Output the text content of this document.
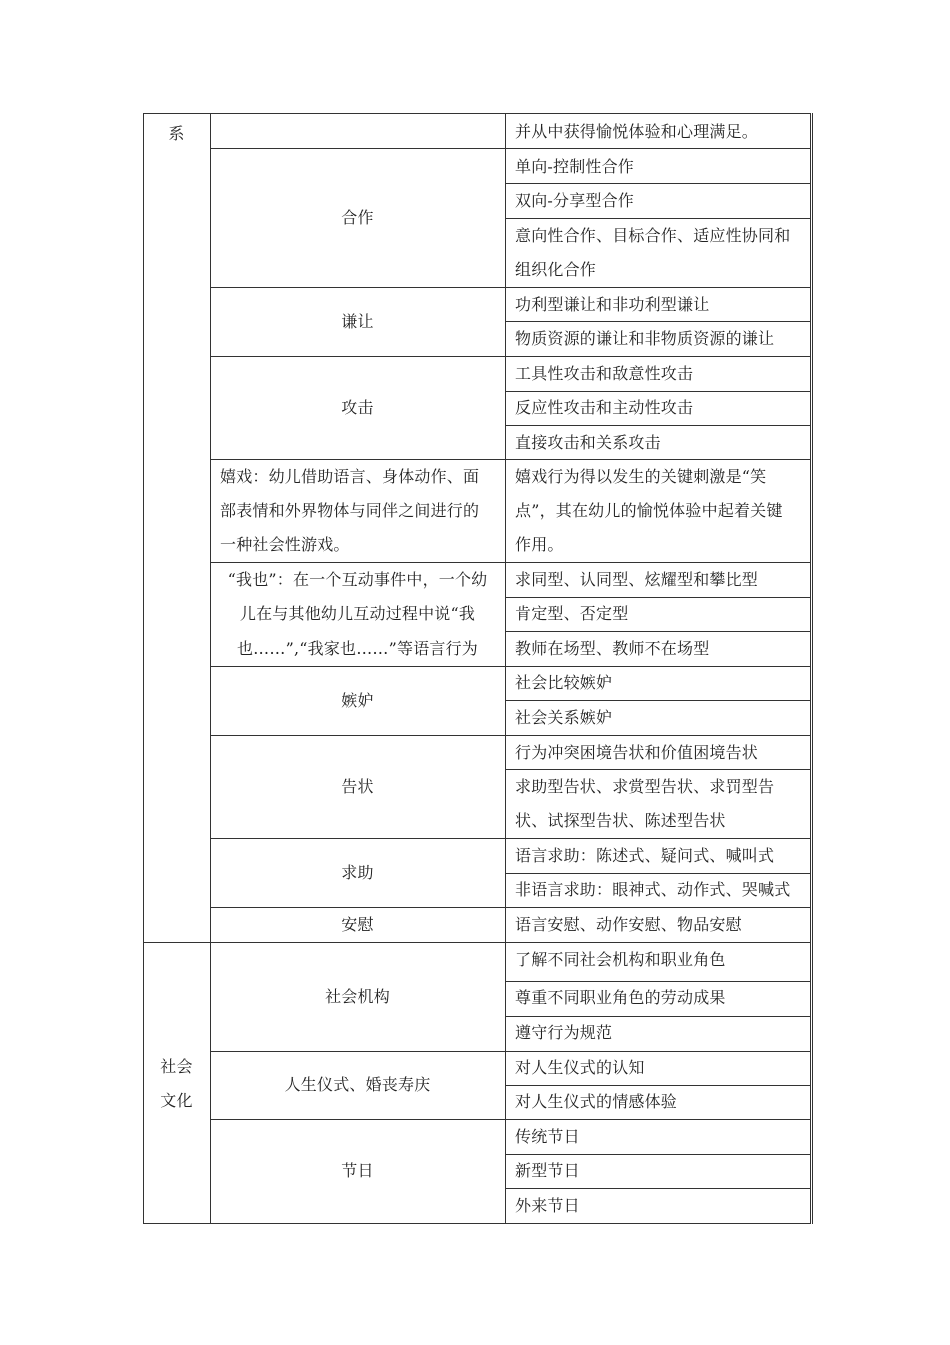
系
社会
文化
并从中获得愉悦体验和心理满足。
合作
单向-控制性合作
双向-分享型合作
意向性合作、目标合作、适应性协同和
组织化合作
谦让
功利型谦让和非功利型谦让
物质资源的谦让和非物质资源的谦让
攻击
工具性攻击和敌意性攻击
反应性攻击和主动性攻击
直接攻击和关系攻击
嬉戏：幼儿借助语言、身体动作、面
部表情和外界物体与同伴之间进行的
一种社会性游戏。
嬉戏行为得以发生的关键刺激是“笑
点”，其在幼儿的愉悦体验中起着关键
作用。
“我也”：在一个互动事件中，一个幼
儿在与其他幼儿互动过程中说“我
也……”,“我家也……”等语言行为
求同型、认同型、炫耀型和攀比型
肯定型、否定型
教师在场型、教师不在场型
嫉妒
社会比较嫉妒
社会关系嫉妒
告状
行为冲突困境告状和价值困境告状
求助型告状、求赏型告状、求罚型告
状、试探型告状、陈述型告状
求助
语言求助：陈述式、疑问式、喊叫式
非语言求助：眼神式、动作式、哭喊式
安慰	语言安慰、动作安慰、物品安慰
社会机构
了解不同社会机构和职业角色
尊重不同职业角色的劳动成果
遵守行为规范
人生仪式、婚丧寿庆
对人生仪式的认知
对人生仪式的情感体验
节日
传统节日
新型节日
外来节日
